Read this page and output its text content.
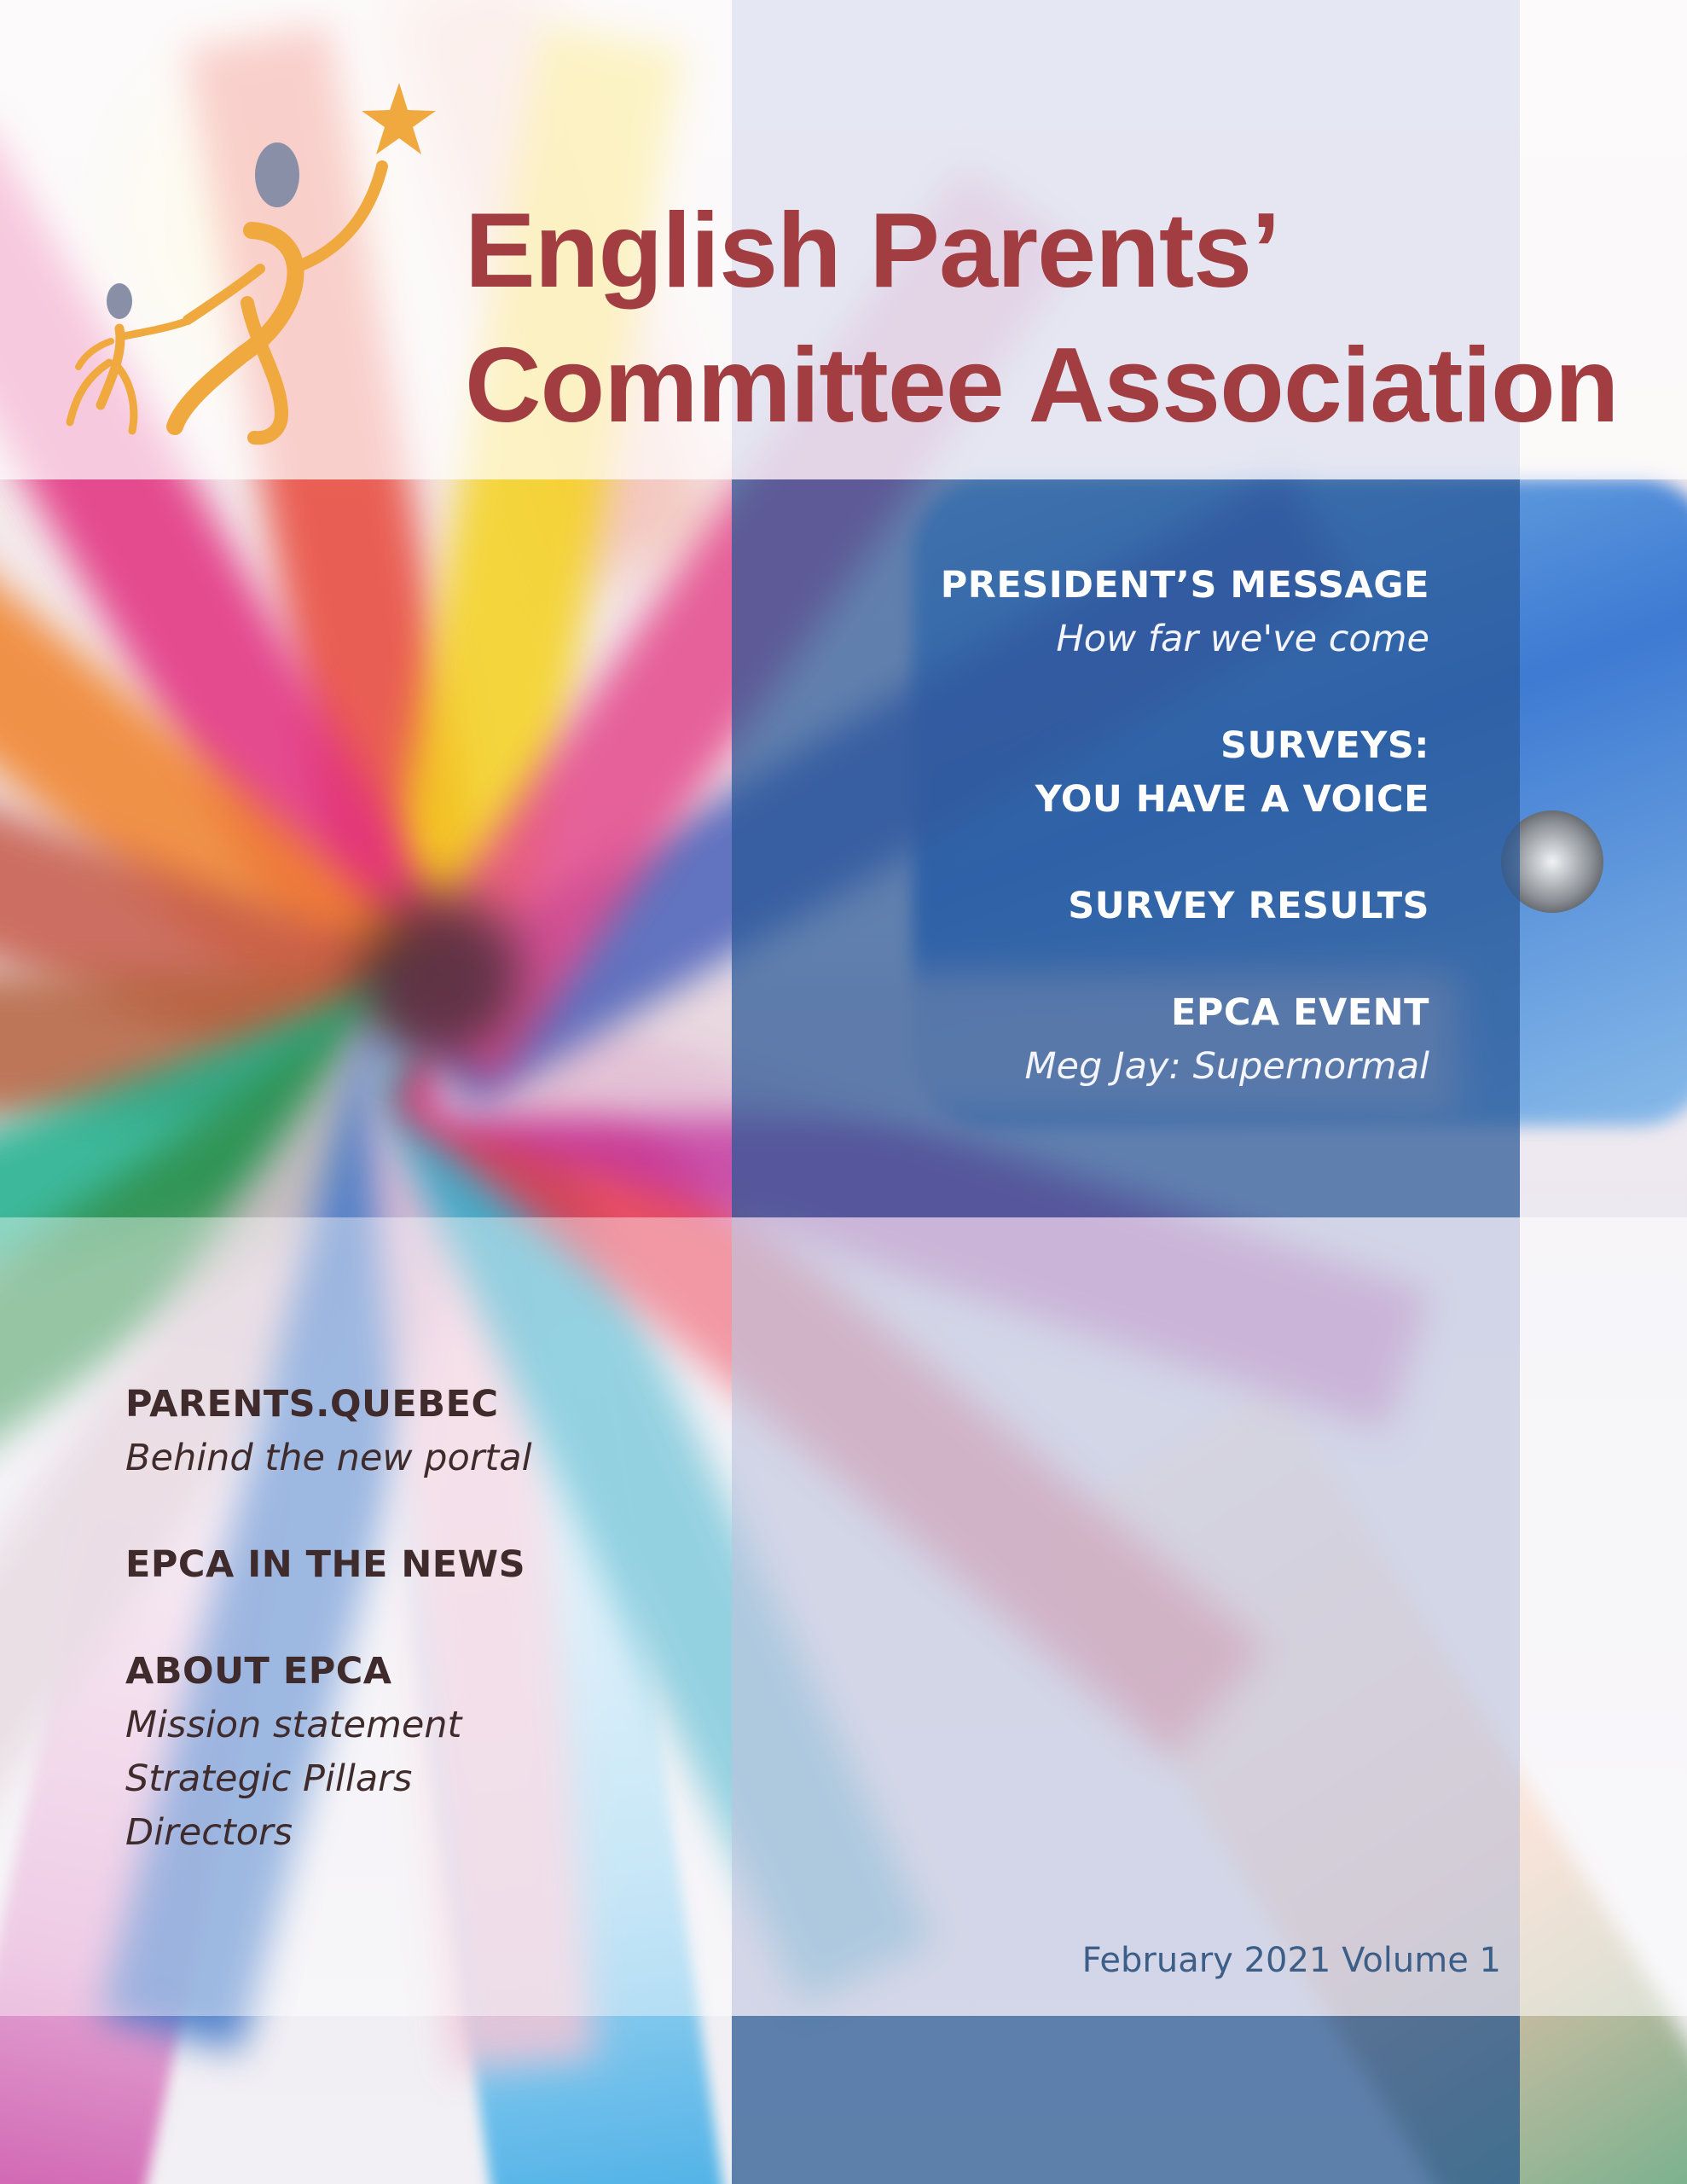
English Parents’
Committee Association
PRESIDENT’S MESSAGE
How far we've come
SURVEYS:
YOU HAVE A VOICE
SURVEY RESULTS
EPCA EVENT
Meg Jay: Supernormal
PARENTS.QUEBEC
Behind the new portal
EPCA IN THE NEWS
ABOUT EPCA
Mission statement
Strategic Pillars
Directors
February 2021 Volume 1
